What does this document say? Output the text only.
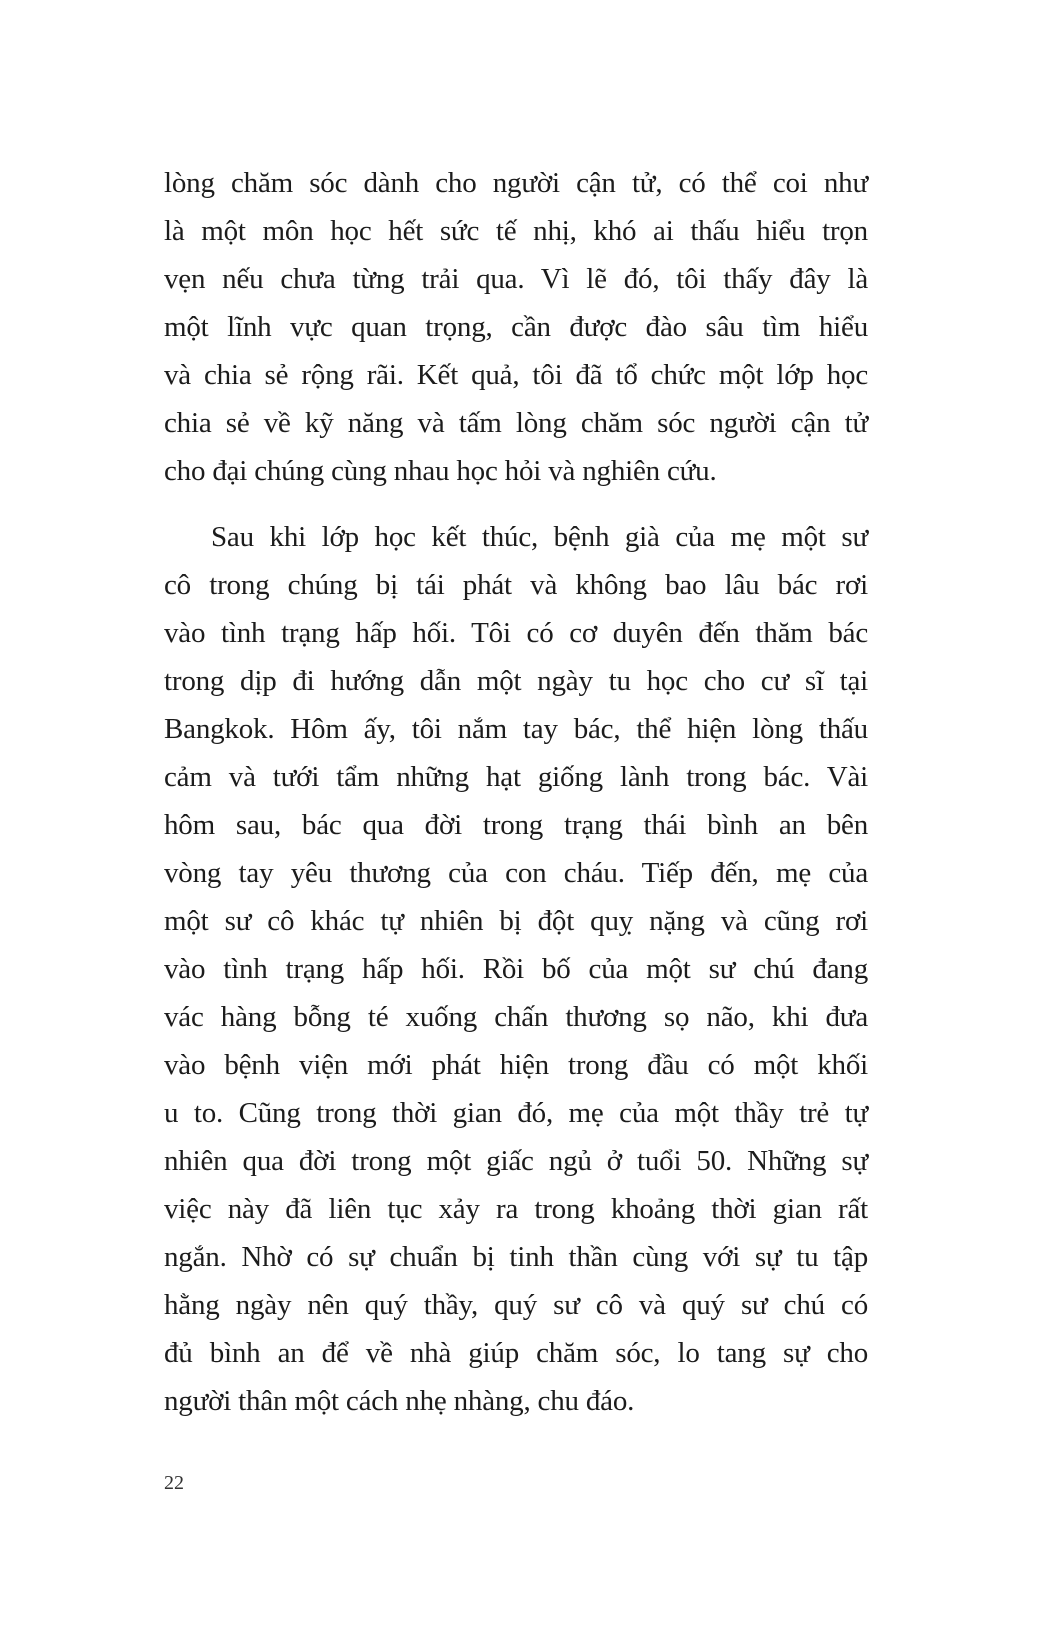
lòng chăm sóc dành cho người cận tử, có thể coi như
là một môn học hết sức tế nhị, khó ai thấu hiểu trọn
vẹn nếu chưa từng trải qua. Vì lẽ đó, tôi thấy đây là
một lĩnh vực quan trọng, cần được đào sâu tìm hiểu
và chia sẻ rộng rãi. Kết quả, tôi đã tổ chức một lớp học
chia sẻ về kỹ năng và tấm lòng chăm sóc người cận tử
cho đại chúng cùng nhau học hỏi và nghiên cứu.
Sau khi lớp học kết thúc, bệnh già của mẹ một sư
cô trong chúng bị tái phát và không bao lâu bác rơi
vào tình trạng hấp hối. Tôi có cơ duyên đến thăm bác
trong dịp đi hướng dẫn một ngày tu học cho cư sĩ tại
Bangkok. Hôm ấy, tôi nắm tay bác, thể hiện lòng thấu
cảm và tưới tẩm những hạt giống lành trong bác. Vài
hôm sau, bác qua đời trong trạng thái bình an bên
vòng tay yêu thương của con cháu. Tiếp đến, mẹ của
một sư cô khác tự nhiên bị đột quỵ nặng và cũng rơi
vào tình trạng hấp hối. Rồi bố của một sư chú đang
vác hàng bỗng té xuống chấn thương sọ não, khi đưa
vào bệnh viện mới phát hiện trong đầu có một khối
u to. Cũng trong thời gian đó, mẹ của một thầy trẻ tự
nhiên qua đời trong một giấc ngủ ở tuổi 50. Những sự
việc này đã liên tục xảy ra trong khoảng thời gian rất
ngắn. Nhờ có sự chuẩn bị tinh thần cùng với sự tu tập
hằng ngày nên quý thầy, quý sư cô và quý sư chú có
đủ bình an để về nhà giúp chăm sóc, lo tang sự cho
người thân một cách nhẹ nhàng, chu đáo.
22
